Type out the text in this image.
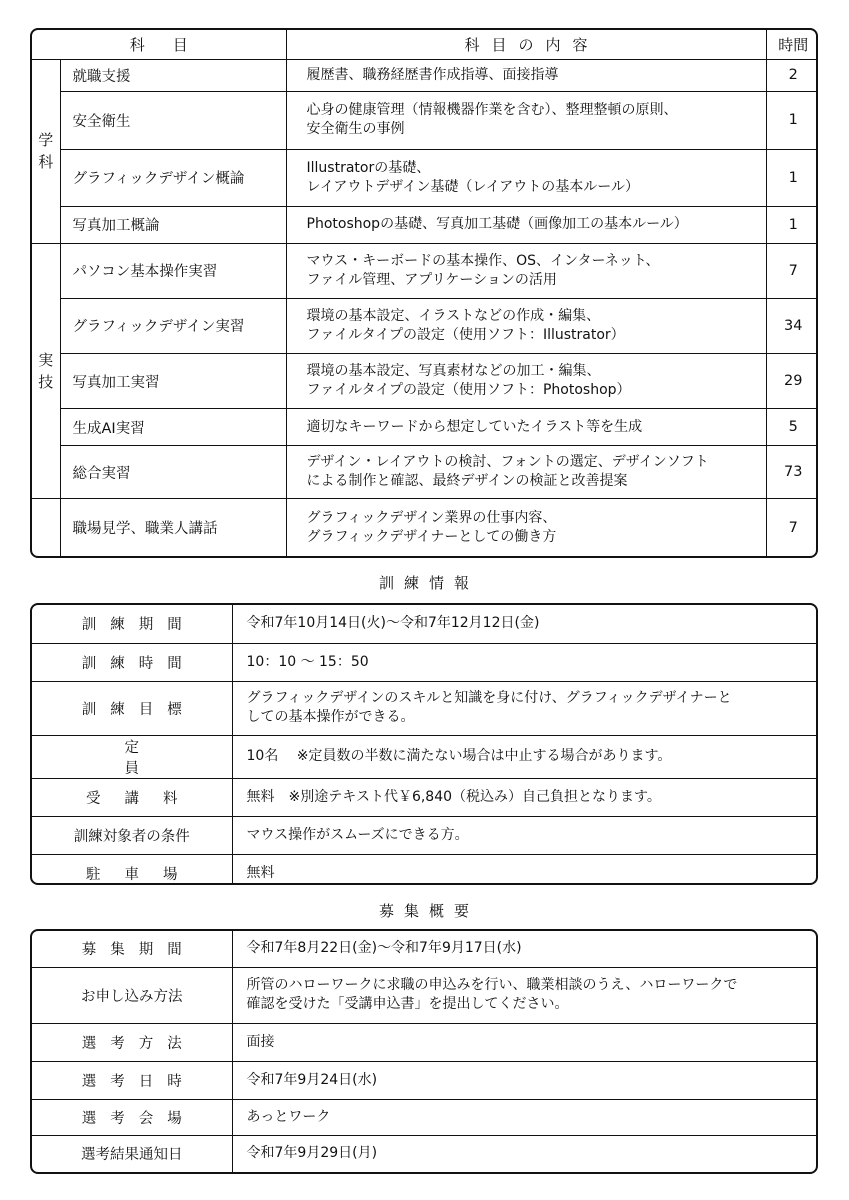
科目		科目の内容	時間
学科	就職支援	履歴書、職務経歴書作成指導、面接指導	2
	安全衛生	心身の健康管理（情報機器作業を含む）、整理整頓の原則、
安全衛生の事例	1
	グラフィックデザイン概論	Illustratorの基礎、
レイアウトデザイン基礎（レイアウトの基本ルール）	1
	写真加工概論	Photoshopの基礎、写真加工基礎（画像加工の基本ルール）	1
実技	パソコン基本操作実習	マウス・キーボードの基本操作、OS、インターネット、
ファイル管理、アプリケーションの活用	7
	グラフィックデザイン実習	環境の基本設定、イラストなどの作成・編集、
ファイルタイプの設定（使用ソフト：Illustrator）	34
	写真加工実習	環境の基本設定、写真素材などの加工・編集、
ファイルタイプの設定（使用ソフト：Photoshop）	29
	生成AI実習	適切なキーワードから想定していたイラスト等を生成	5
	総合実習	デザイン・レイアウトの検討、フォントの選定、デザインソフト
による制作と確認、最終デザインの検証と改善提案	73
	職場見学、職業人講話	グラフィックデザイン業界の仕事内容、
グラフィックデザイナーとしての働き方	7
訓練情報
訓練期間	令和7年10月14日(火)～令和7年12月12日(金)
訓練時間	10：10 ～ 15：50
訓練目標	グラフィックデザインのスキルと知識を身に付け、グラフィックデザイナーと
しての基本操作ができる。

定員	10名　 ※定員数の半数に満たない場合は中止する場合があります。
受講料	無料　※別途テキスト代￥6,840（税込み）自己負担となります。
訓練対象者の条件	マウス操作がスムーズにできる方。
駐車場	無料
募集概要
募集期間	令和7年8月22日(金)～令和7年9月17日(水)
お申し込み方法	所管のハローワークに求職の申込みを行い、職業相談のうえ、ハローワークで
確認を受けた「受講申込書」を提出してください。

選考方法	面接
選考日時	令和7年9月24日(水)
選考会場	あっとワーク
選考結果通知日	令和7年9月29日(月)
